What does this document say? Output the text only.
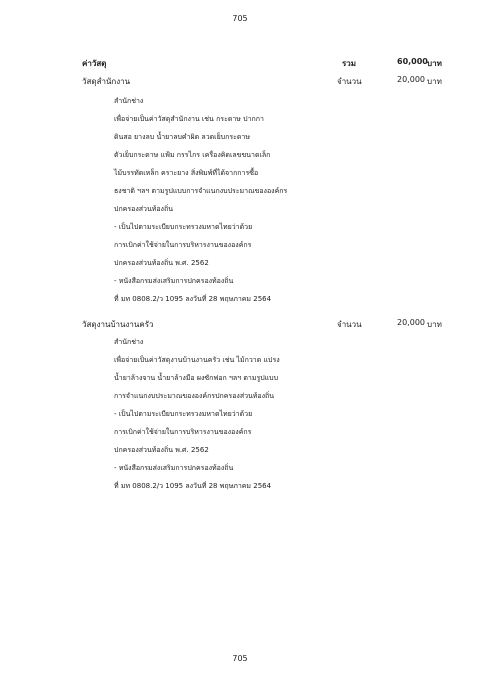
705
ค่าวัสดุ	รวม	60,000 บาท
วัสดุสำนักงาน	จำนวน	20,000 บาท
สำนักช่าง
เพื่อจ่ายเป็นค่าวัสดุสำนักงาน เช่น กระดาษ ปากกา
ดินสอ ยางลบ น้ำยาลบคำผิด ลวดเย็บกระดาษ
ตัวเย็บกระดาษ แฟ้ม กรรไกร เครื่องคิดเลขขนาดเล็ก
ไม้บรรทัดเหล็ก คราะยาง สิ่งพิมพ์ที่ได้จากการซื้อ
ธงชาติ ฯลฯ ตามรูปแบบการจำแนกงบประมาณขององค์กร
ปกครองส่วนท้องถิ่น
- เป็นไปตามระเบียบกระทรวงมหาดไทยว่าด้วย
การเบิกค่าใช้จ่ายในการบริหารงานขององค์กร
ปกครองส่วนท้องถิ่น พ.ศ. 2562
- หนังสือกรมส่งเสริมการปกครองท้องถิ่น
ที่ มท 0808.2/ว 1095 ลงวันที่ 28 พฤษภาคม 2564
วัสดุงานบ้านงานครัว	จำนวน	20,000 บาท
สำนักช่าง
เพื่อจ่ายเป็นค่าวัสดุงานบ้านงานครัว เช่น ไม้กวาด แปรง
น้ำยาล้างจาน น้ำยาล้างมือ ผงซักฟอก ฯลฯ ตามรูปแบบ
การจำแนกงบประมาณขององค์กรปกครองส่วนท้องถิ่น
- เป็นไปตามระเบียบกระทรวงมหาดไทยว่าด้วย
การเบิกค่าใช้จ่ายในการบริหารงานขององค์กร
ปกครองส่วนท้องถิ่น พ.ศ. 2562
- หนังสือกรมส่งเสริมการปกครองท้องถิ่น
ที่ มท 0808.2/ว 1095 ลงวันที่ 28 พฤษภาคม 2564
705
